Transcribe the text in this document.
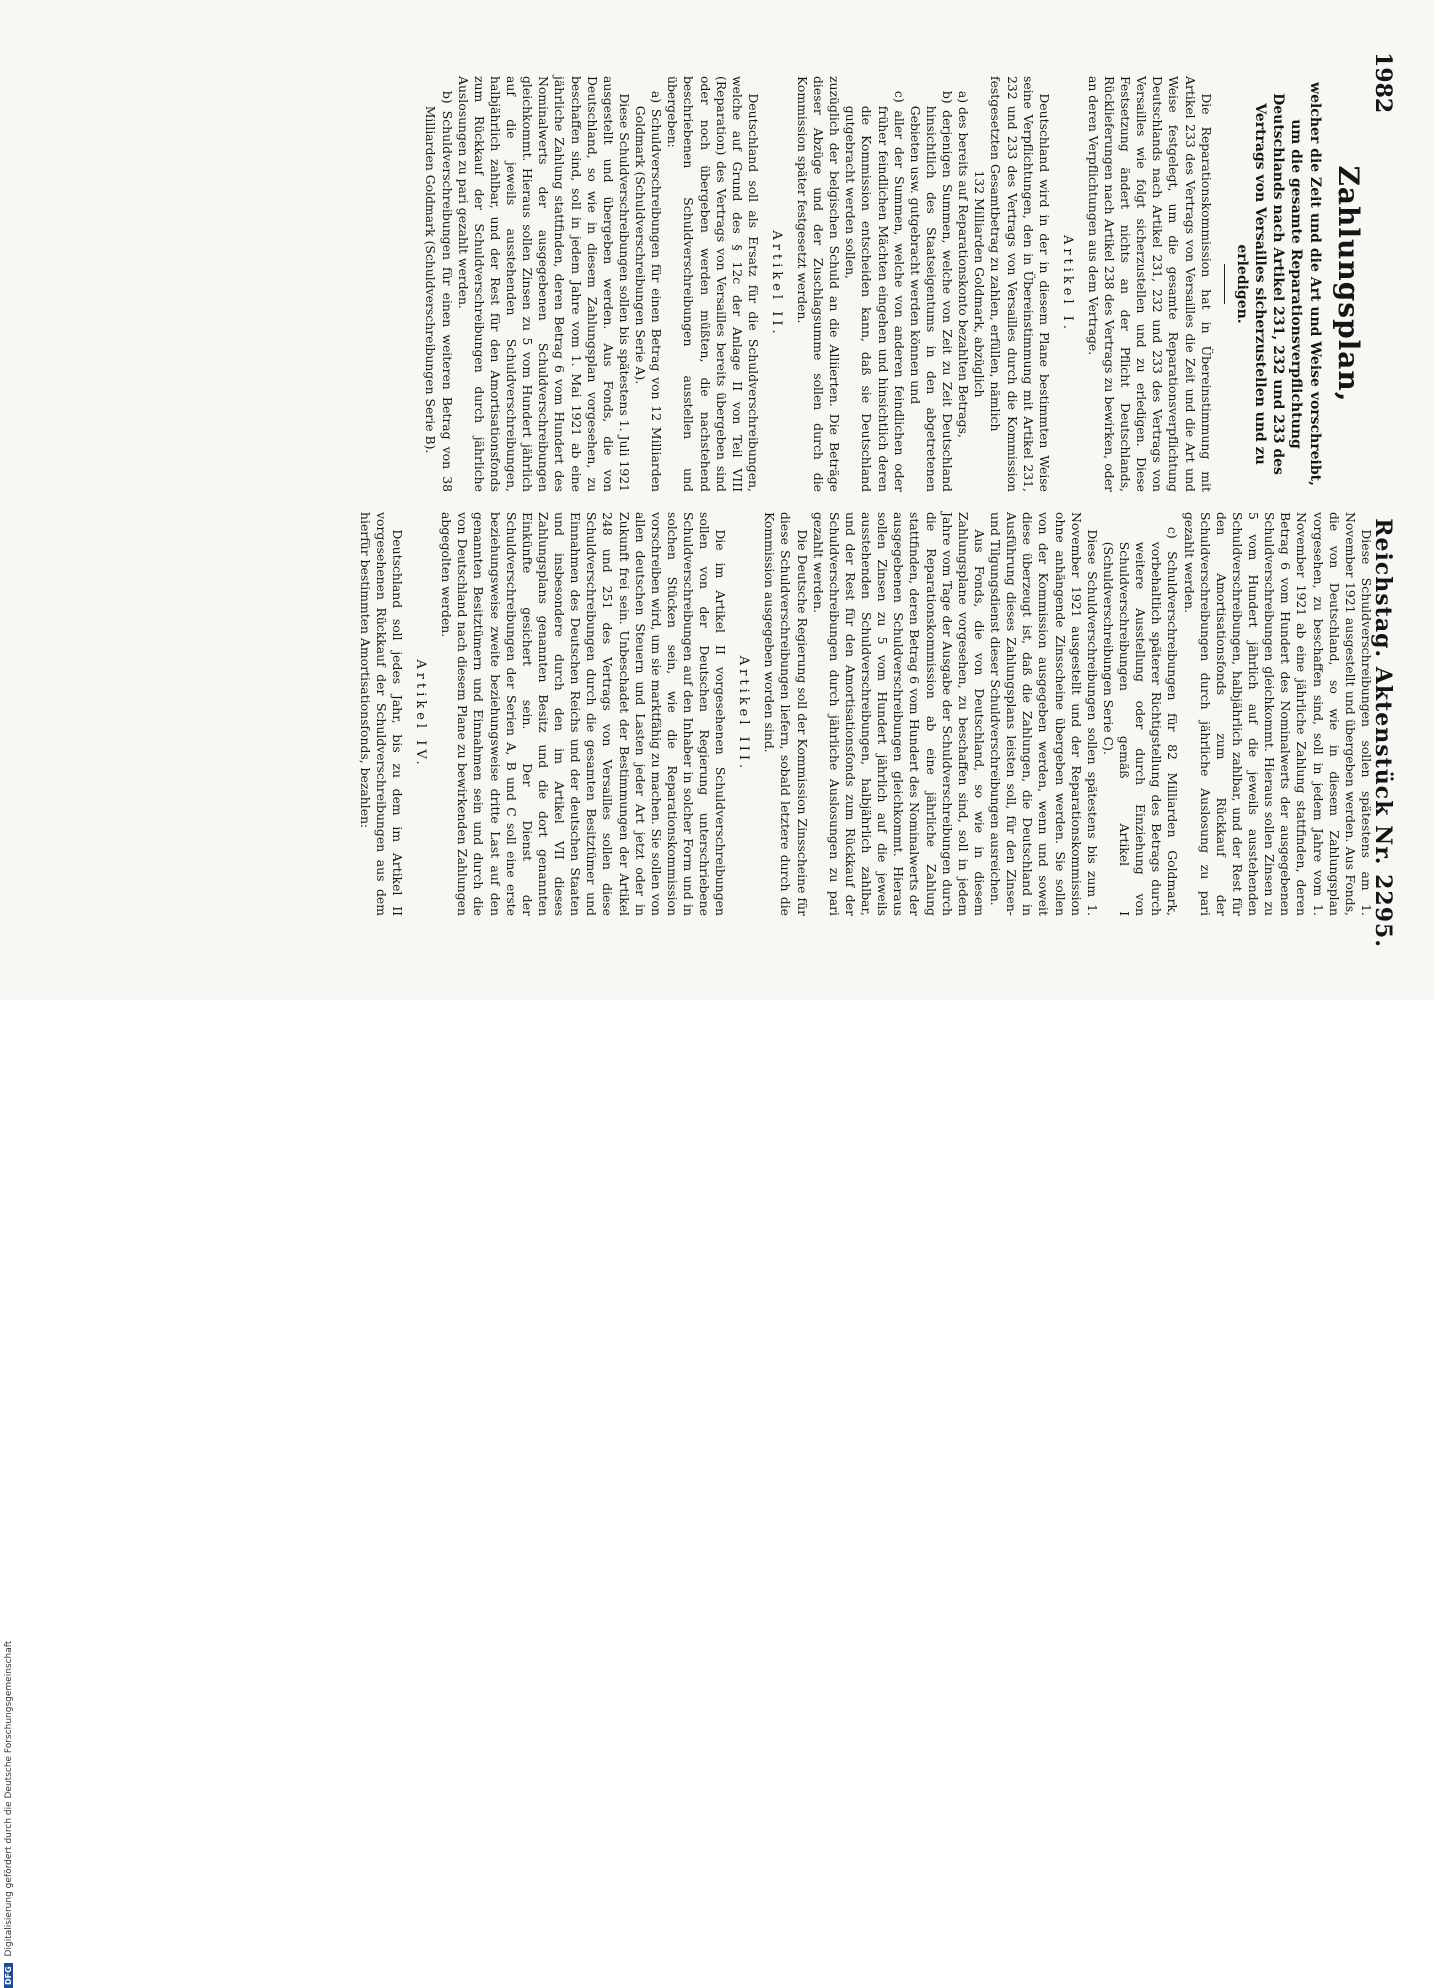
1982
Reichstag. Aktenstück Nr. 2295.
Zahlungsplan,
welcher die Zeit und die Art und Weise vorschreibt, um die gesamte Reparationsverpflichtung Deutschlands nach Artikel 231, 232 und 233 des Vertrags von Versailles sicherzustellen und zu erledigen.

Die Reparationskommission hat in Übereinstimmung mit Artikel 233 des Vertrags von Versailles die Zeit und die Art und Weise festgelegt, um die gesamte Reparationsverpflichtung Deutschlands nach Artikel 231, 232 und 233 des Vertrags von Versailles wie folgt sicherzustellen und zu erledigen. Diese Festsetzung ändert nichts an der Pflicht Deutschlands, Rücklieferungen nach Artikel 238 des Vertrags zu bewirken, oder an deren Verpflichtungen aus dem Vertrage.

Artikel I.

Deutschland wird in der in diesem Plane bestimmten Weise seine Verpflichtungen, den in Übereinstimmung mit Artikel 231, 232 und 233 des Vertrags von Versailles durch die Kommission festgesetzten Gesamtbetrag zu zahlen, erfüllen, nämlich

132 Milliarden Goldmark, abzüglich

a) des bereits auf Reparationskonto bezahlten Betrags,

b) derjenigen Summen, welche von Zeit zu Zeit Deutschland hinsichtlich des Staatseigentums in den abgetretenen Gebieten usw. gutgebracht werden können und

c) aller der Summen, welche von anderen feindlichen oder früher feindlichen Mächten eingehen und hinsichtlich deren die Kommission entscheiden kann, daß sie Deutschland gutgebracht werden sollen,

zuzüglich der belgischen Schuld an die Alliierten. Die Beträge dieser Abzüge und der Zuschlagsumme sollen durch die Kommission später festgesetzt werden.

Artikel II.

Deutschland soll als Ersatz für die Schuldverschreibungen, welche auf Grund des § 12c der Anlage II von Teil VIII (Reparation) des Vertrags von Versailles bereits übergeben sind oder noch übergeben werden müßten, die nachstehend beschriebenen Schuldverschreibungen ausstellen und übergeben:

a) Schuldverschreibungen für einen Betrag von 12 Milliarden Goldmark (Schuldverschreibungen Serie A).

Diese Schuldverschreibungen sollen bis spätestens 1. Juli 1921 ausgestellt und übergeben werden. Aus Fonds, die von Deutschland, so wie in diesem Zahlungsplan vorgesehen, zu beschaffen sind, soll in jedem Jahre vom 1. Mai 1921 ab eine jährliche Zahlung stattfinden, deren Betrag 6 vom Hundert des Nominalwerts der ausgegebenen Schuldverschreibungen gleichkommt. Hieraus sollen Zinsen zu 5 vom Hundert jährlich auf die jeweils ausstehenden Schuldverschreibungen, halbjährlich zahlbar, und der Rest für den Amortisationsfonds zum Rückkauf der Schuldverschreibungen durch jährliche Auslosungen zu pari gezahlt werden.

b) Schuldverschreibungen für einen weiteren Betrag von 38 Milliarden Goldmark (Schuldverschreibungen Serie B).

Diese Schuldverschreibungen sollen spätestens am 1. November 1921 ausgestellt und übergeben werden. Aus Fonds, die von Deutschland, so wie in diesem Zahlungsplan vorgesehen, zu beschaffen sind, soll in jedem Jahre vom 1. November 1921 ab eine jährliche Zahlung stattfinden, deren Betrag 6 vom Hundert des Nominalwerts der ausgegebenen Schuldverschreibungen gleichkommt. Hieraus sollen Zinsen zu 5 vom Hundert jährlich auf die jeweils ausstehenden Schuldverschreibungen, halbjährlich zahlbar, und der Rest für den Amortisationsfonds zum Rückkauf der Schuldverschreibungen durch jährliche Auslosung zu pari gezahlt werden.

c) Schuldverschreibungen für 82 Milliarden Goldmark, vorbehaltlich späterer Richtigstellung des Betrags durch weitere Ausstellung oder durch Einziehung von Schuldverschreibungen gemäß Artikel I (Schuldverschreibungen Serie C).

Diese Schuldverschreibungen sollen spätestens bis zum 1. November 1921 ausgestellt und der Reparationskommission ohne anhängende Zinsscheine übergeben werden. Sie sollen von der Kommission ausgegeben werden, wenn und soweit diese überzeugt ist, daß die Zahlungen, die Deutschland in Ausführung dieses Zahlungsplans leisten soll, für den Zinsen- und Tilgungsdienst dieser Schuldverschreibungen ausreichen.

Aus Fonds, die von Deutschland, so wie in diesem Zahlungsplane vorgesehen, zu beschaffen sind, soll in jedem Jahre vom Tage der Ausgabe der Schuldverschreibungen durch die Reparationskommission ab eine jährliche Zahlung stattfinden, deren Betrag 6 vom Hundert des Nominalwerts der ausgegebenen Schuldverschreibungen gleichkommt. Hieraus sollen Zinsen zu 5 vom Hundert jährlich auf die jeweils ausstehenden Schuldverschreibungen, halbjährlich zahlbar, und der Rest für den Amortisationsfonds zum Rückkauf der Schuldverschreibungen durch jährliche Auslosungen zu pari gezahlt werden.

Die Deutsche Regierung soll der Kommission Zinsscheine für diese Schuldverschreibungen liefern, sobald letztere durch die Kommission ausgegeben worden sind.

Artikel III.

Die im Artikel II vorgesehenen Schuldverschreibungen sollen von der Deutschen Regierung unterschriebene Schuldverschreibungen auf den Inhaber in solcher Form und in solchen Stücken sein, wie die Reparationskommission vorschreiben wird, um sie marktfähig zu machen. Sie sollen von allen deutschen Steuern und Lasten jeder Art jetzt oder in Zukunft frei sein. Unbeschadet der Bestimmungen der Artikel 248 und 251 des Vertrags von Versailles sollen diese Schuldverschreibungen durch die gesamten Besitztümer und Einnahmen des Deutschen Reichs und der deutschen Staaten und insbesondere durch den im Artikel VII dieses Zahlungsplans genannten Besitz und die dort genannten Einkünfte gesichert sein. Der Dienst der Schuldverschreibungen der Serien A, B und C soll eine erste beziehungsweise zweite beziehungsweise dritte Last auf den genannten Besitztümern und Einnahmen sein und durch die von Deutschland nach diesem Plane zu bewirkenden Zahlungen abgegolten werden.

Artikel IV.

Deutschland soll jedes Jahr, bis zu dem im Artikel II vorgesehenen Rückkauf der Schuldverschreibungen aus dem hierfür bestimmten Amortisationsfonds, bezahlen:

DFG Digitalisierung gefördert durch die Deutsche Forschungsgemeinschaft
